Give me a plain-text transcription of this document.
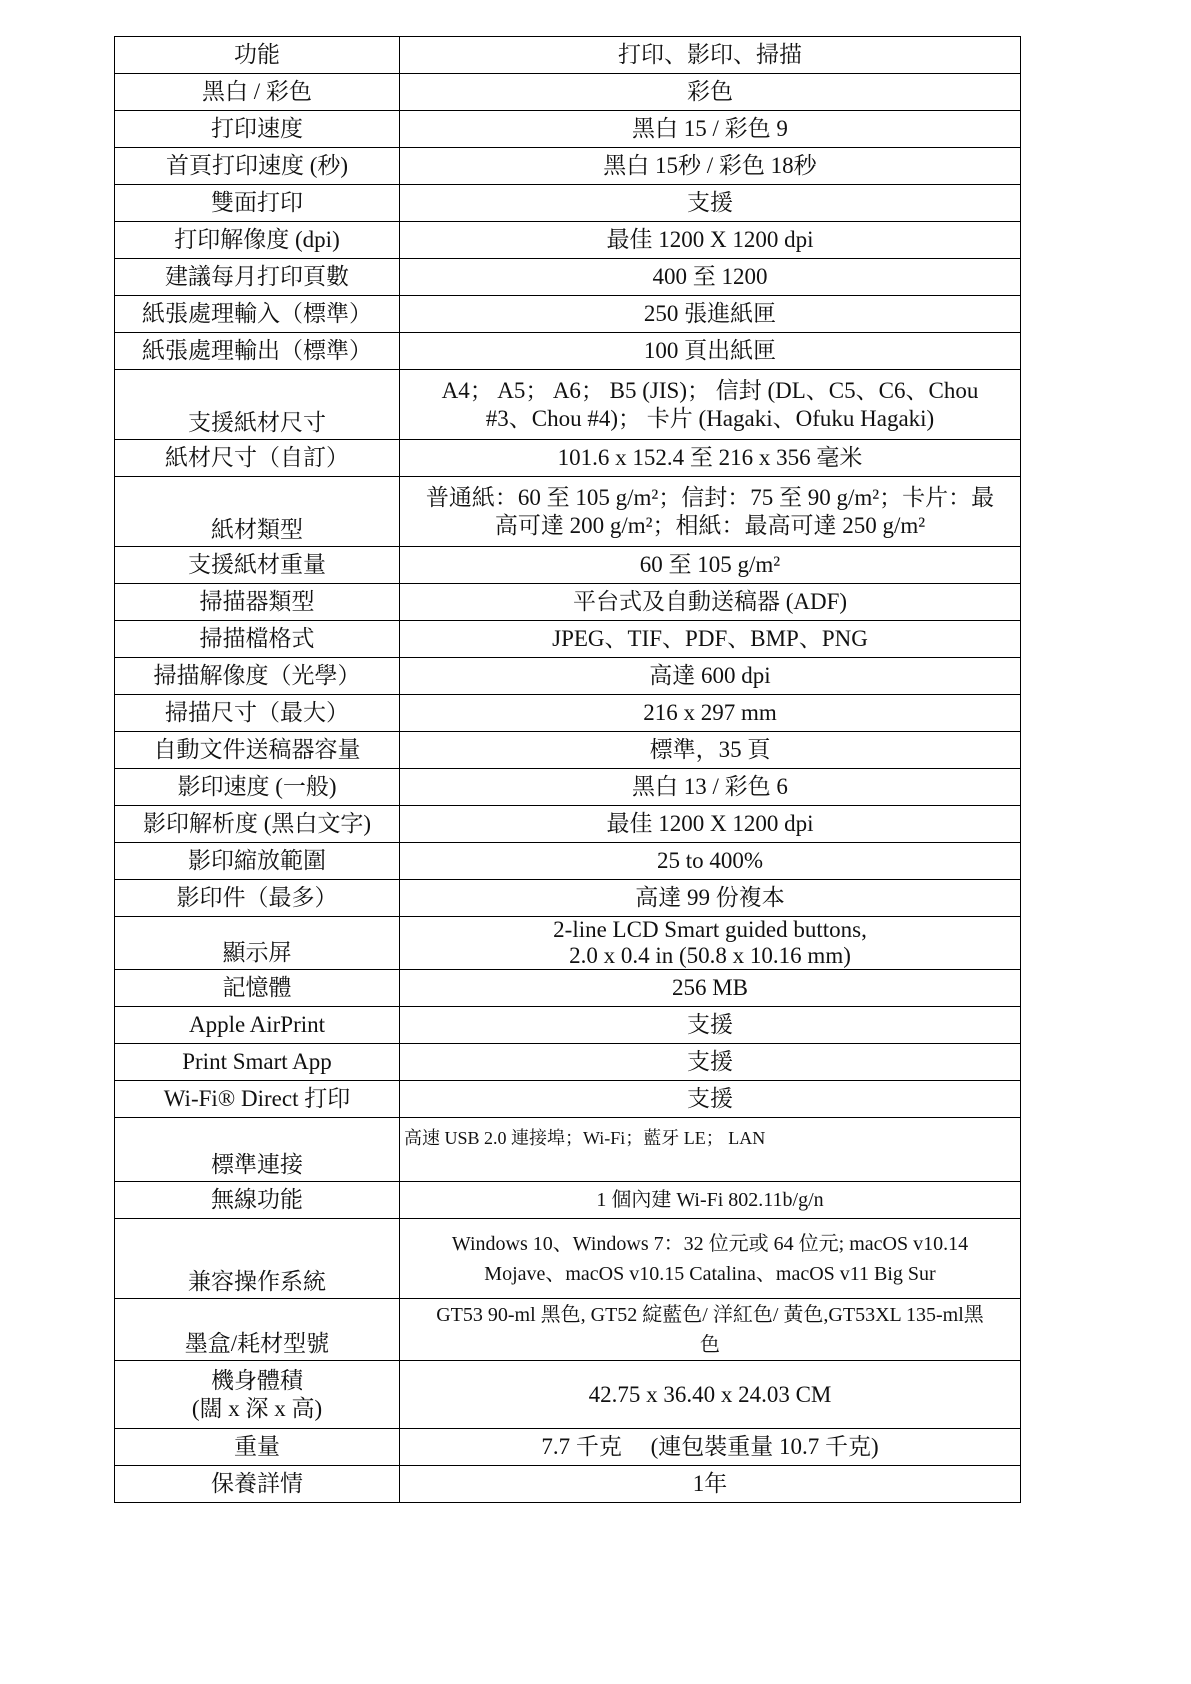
功能	打印、影印、掃描
黑白 / 彩色	彩色
打印速度	黑白 15 / 彩色 9
首頁打印速度 (秒)	黑白 15秒 / 彩色 18秒
雙面打印	支援
打印解像度 (dpi)	最佳 1200 X 1200 dpi
建議每月打印頁數	400 至 1200
紙張處理輸入（標準）	250 張進紙匣
紙張處理輸出（標準）	100 頁出紙匣
支援紙材尺寸	A4； A5； A6； B5 (JIS)； 信封 (DL、C5、C6、Chou
#3、Chou #4)； 卡片 (Hagaki、Ofuku Hagaki)

紙材尺寸（自訂）	101.6 x 152.4 至 216 x 356 毫米
紙材類型	普通紙：60 至 105 g/m²；信封：75 至 90 g/m²；卡片：最
高可達 200 g/m²；相紙：最高可達 250 g/m²

支援紙材重量	60 至 105 g/m²
掃描器類型	平台式及自動送稿器 (ADF)
掃描檔格式	JPEG、TIF、PDF、BMP、PNG
掃描解像度（光學）	高達 600 dpi
掃描尺寸（最大）	216 x 297 mm
自動文件送稿器容量	標準，35 頁
影印速度 (一般)	黑白 13 / 彩色 6
影印解析度 (黑白文字)	最佳 1200 X 1200 dpi
影印縮放範圍	25 to 400%
影印件（最多）	高達 99 份複本
顯示屏	2-line LCD Smart guided buttons,
2.0 x 0.4 in (50.8 x 10.16 mm)

記憶體	256 MB
Apple AirPrint	支援
Print Smart App	支援
Wi-Fi® Direct 打印	支援
標準連接	高速 USB 2.0 連接埠；Wi-Fi；藍牙 LE； LAN
無線功能	1 個內建 Wi-Fi 802.11b/g/n
兼容操作系統	Windows 10、Windows 7：32 位元或 64 位元; macOS v10.14
Mojave、macOS v10.15 Catalina、macOS v11 Big Sur

墨盒/耗材型號	GT53 90-ml 黑色, GT52 綻藍色/ 洋紅色/ 黃色,GT53XL 135-ml黑
色

機身體積
(闊 x 深 x 高)	42.75 x 36.40 x 24.03 CM
重量	7.7 千克     (連包裝重量 10.7 千克)
保養詳情	1年
